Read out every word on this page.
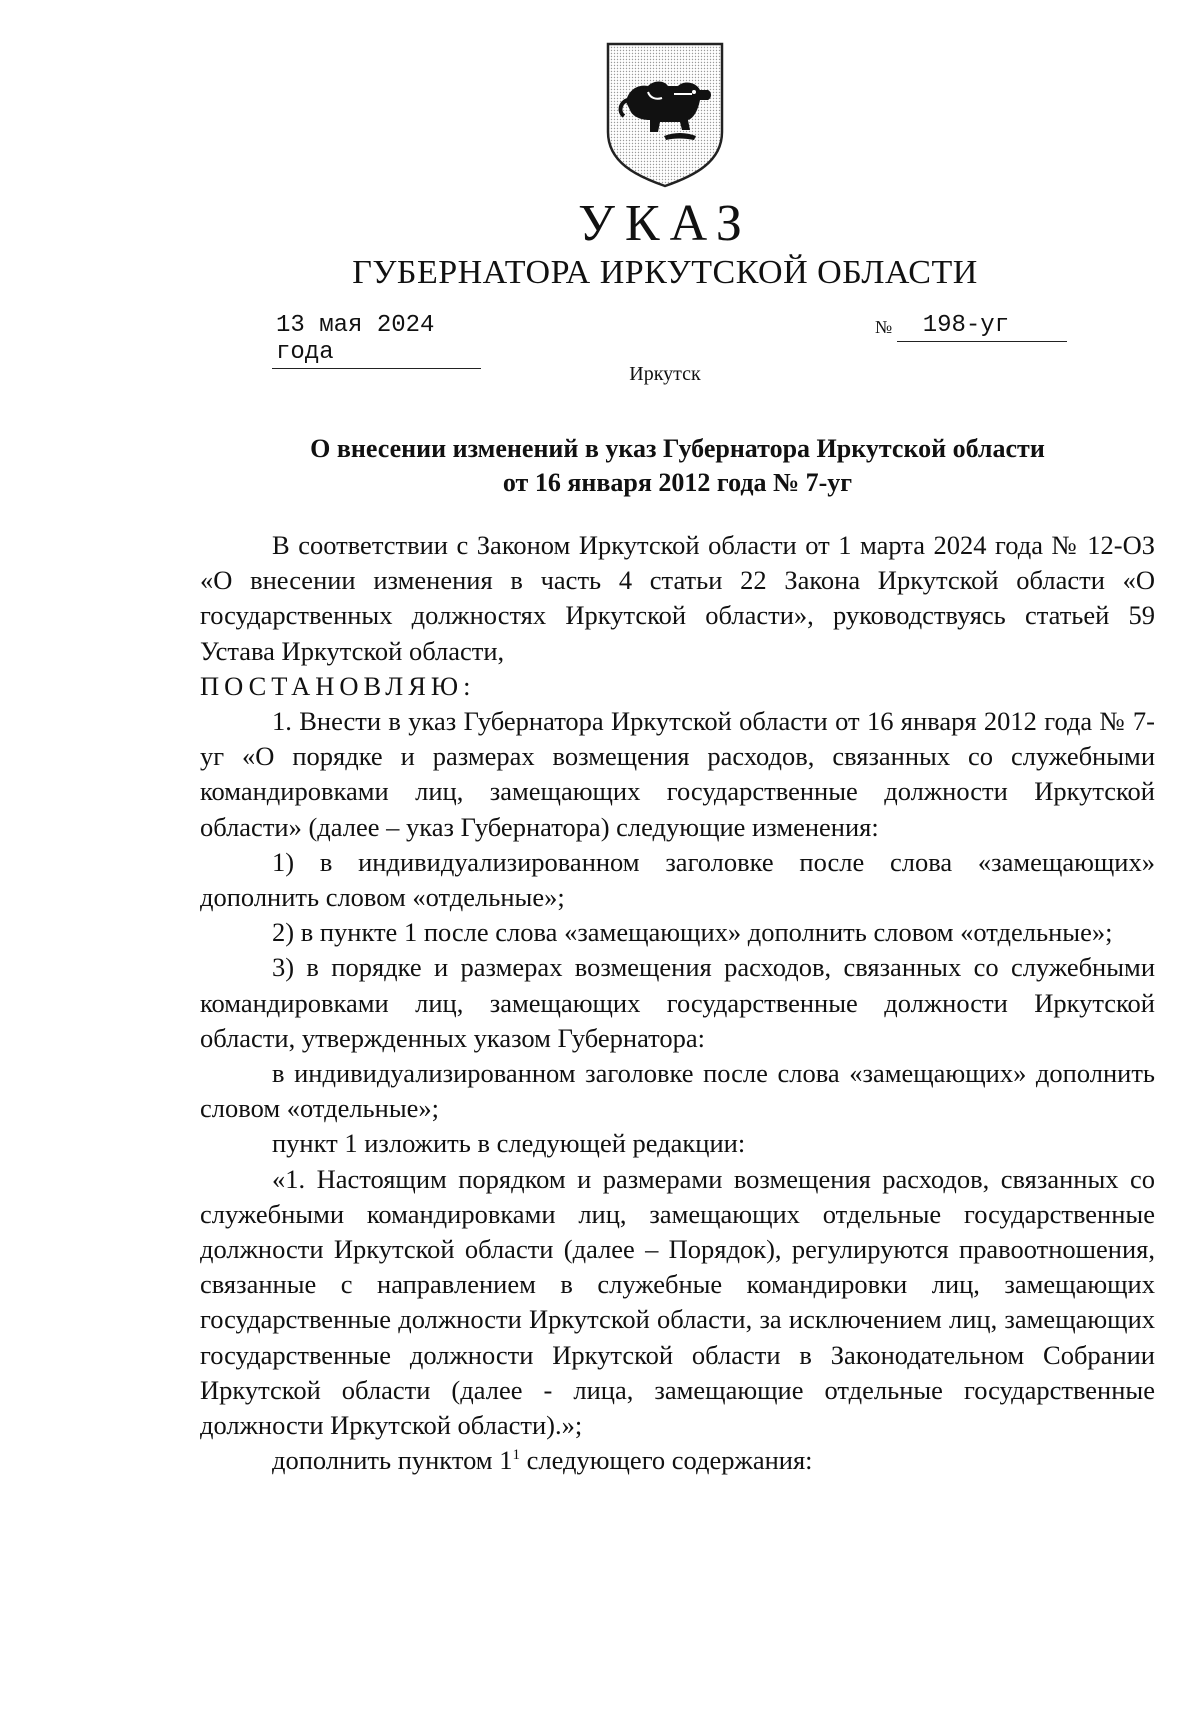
УКАЗ
ГУБЕРНАТОРА ИРКУТСКОЙ ОБЛАСТИ
13 мая 2024 года
№ 198-уг
Иркутск
О внесении изменений в указ Губернатора Иркутской области
от 16 января 2012 года № 7-уг

В соответствии с Законом Иркутской области от 1 марта 2024 года № 12-ОЗ «О внесении изменения в часть 4 статьи 22 Закона Иркутской области «О государственных должностях Иркутской области», руководствуясь статьей 59 Устава Иркутской области,

ПОСТАНОВЛЯЮ:

1. Внести в указ Губернатора Иркутской области от 16 января 2012 года № 7-уг «О порядке и размерах возмещения расходов, связанных со служебными командировками лиц, замещающих государственные должности Иркутской области» (далее – указ Губернатора) следующие изменения:

1) в индивидуализированном заголовке после слова «замещающих» дополнить словом «отдельные»;

2) в пункте 1 после слова «замещающих» дополнить словом «отдельные»;

3) в порядке и размерах возмещения расходов, связанных со служебными командировками лиц, замещающих государственные должности Иркутской области, утвержденных указом Губернатора:

в индивидуализированном заголовке после слова «замещающих» дополнить словом «отдельные»;

пункт 1 изложить в следующей редакции:

«1. Настоящим порядком и размерами возмещения расходов, связанных со служебными командировками лиц, замещающих отдельные государственные должности Иркутской области (далее – Порядок), регулируются правоотношения, связанные с направлением в служебные командировки лиц, замещающих государственные должности Иркутской области, за исключением лиц, замещающих государственные должности Иркутской области в Законодательном Собрании Иркутской области (далее - лица, замещающие отдельные государственные должности Иркутской области).»;

дополнить пунктом $1^1$ следующего содержания:
